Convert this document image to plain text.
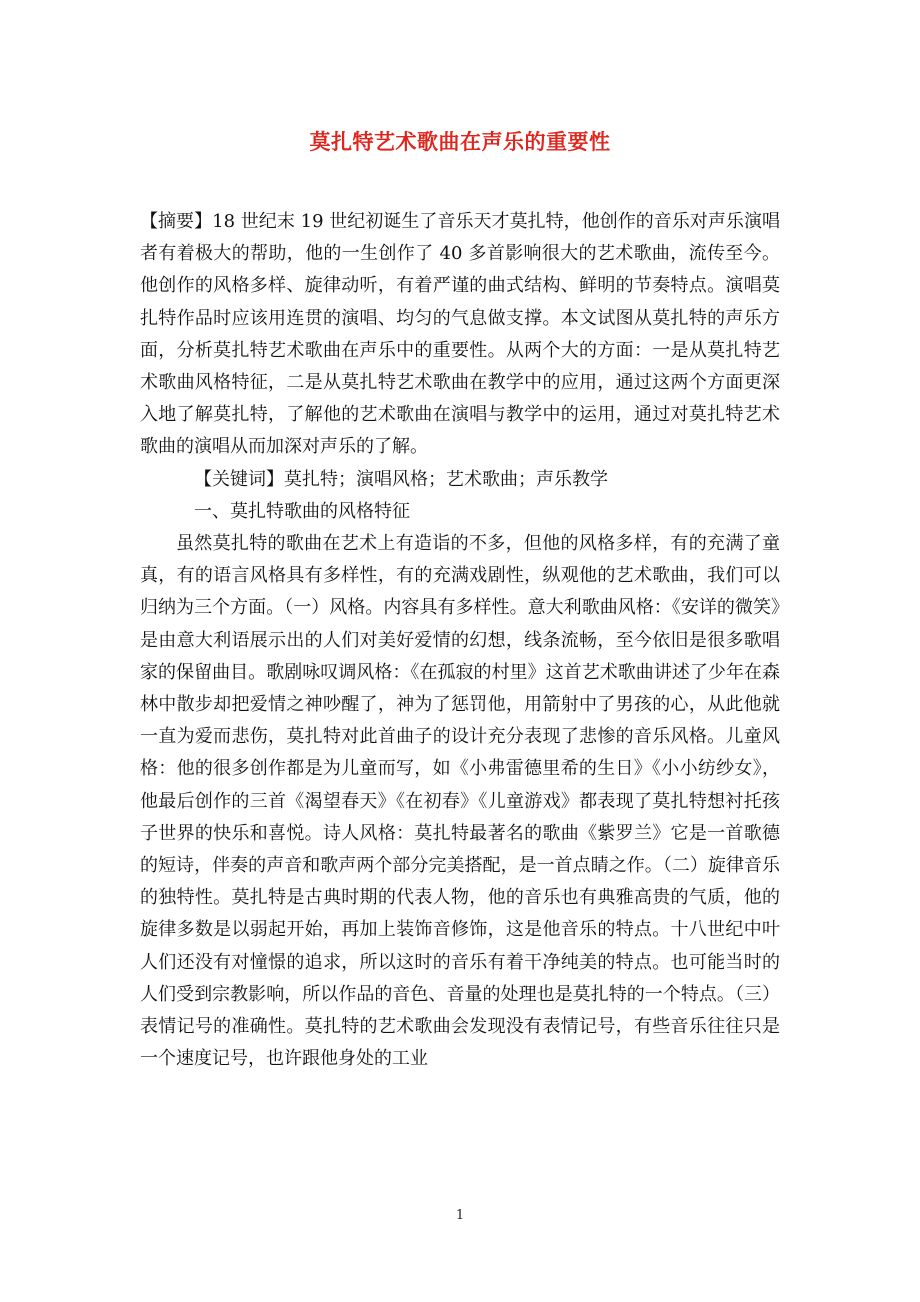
莫扎特艺术歌曲在声乐的重要性

【摘要】18 世纪末 19 世纪初诞生了音乐天才莫扎特，他创作的音乐对声乐演唱者有着极大的帮助，他的一生创作了 40 多首影响很大的艺术歌曲，流传至今。他创作的风格多样、旋律动听，有着严谨的曲式结构、鲜明的节奏特点。演唱莫扎特作品时应该用连贯的演唱、均匀的气息做支撑。本文试图从莫扎特的声乐方面，分析莫扎特艺术歌曲在声乐中的重要性。从两个大的方面：一是从莫扎特艺术歌曲风格特征，二是从莫扎特艺术歌曲在教学中的应用，通过这两个方面更深入地了解莫扎特，了解他的艺术歌曲在演唱与教学中的运用，通过对莫扎特艺术歌曲的演唱从而加深对声乐的了解。

【关键词】莫扎特；演唱风格；艺术歌曲；声乐教学

一、莫扎特歌曲的风格特征

虽然莫扎特的歌曲在艺术上有造诣的不多，但他的风格多样，有的充满了童真，有的语言风格具有多样性，有的充满戏剧性，纵观他的艺术歌曲，我们可以归纳为三个方面。（一）风格。内容具有多样性。意大利歌曲风格：《安详的微笑》是由意大利语展示出的人们对美好爱情的幻想，线条流畅，至今依旧是很多歌唱家的保留曲目。歌剧咏叹调风格：《在孤寂的村里》这首艺术歌曲讲述了少年在森林中散步却把爱情之神吵醒了，神为了惩罚他，用箭射中了男孩的心，从此他就一直为爱而悲伤，莫扎特对此首曲子的设计充分表现了悲惨的音乐风格。儿童风格：他的很多创作都是为儿童而写，如《小弗雷德里希的生日》《小小纺纱女》，他最后创作的三首《渴望春天》《在初春》《儿童游戏》都表现了莫扎特想衬托孩子世界的快乐和喜悦。诗人风格：莫扎特最著名的歌曲《紫罗兰》它是一首歌德的短诗，伴奏的声音和歌声两个部分完美搭配，是一首点睛之作。（二）旋律音乐的独特性。莫扎特是古典时期的代表人物，他的音乐也有典雅高贵的气质，他的旋律多数是以弱起开始，再加上装饰音修饰，这是他音乐的特点。十八世纪中叶人们还没有对憧憬的追求，所以这时的音乐有着干净纯美的特点。也可能当时的人们受到宗教影响，所以作品的音色、音量的处理也是莫扎特的一个特点。（三）表情记号的准确性。莫扎特的艺术歌曲会发现没有表情记号，有些音乐往往只是一个速度记号，也许跟他身处的工业

1
